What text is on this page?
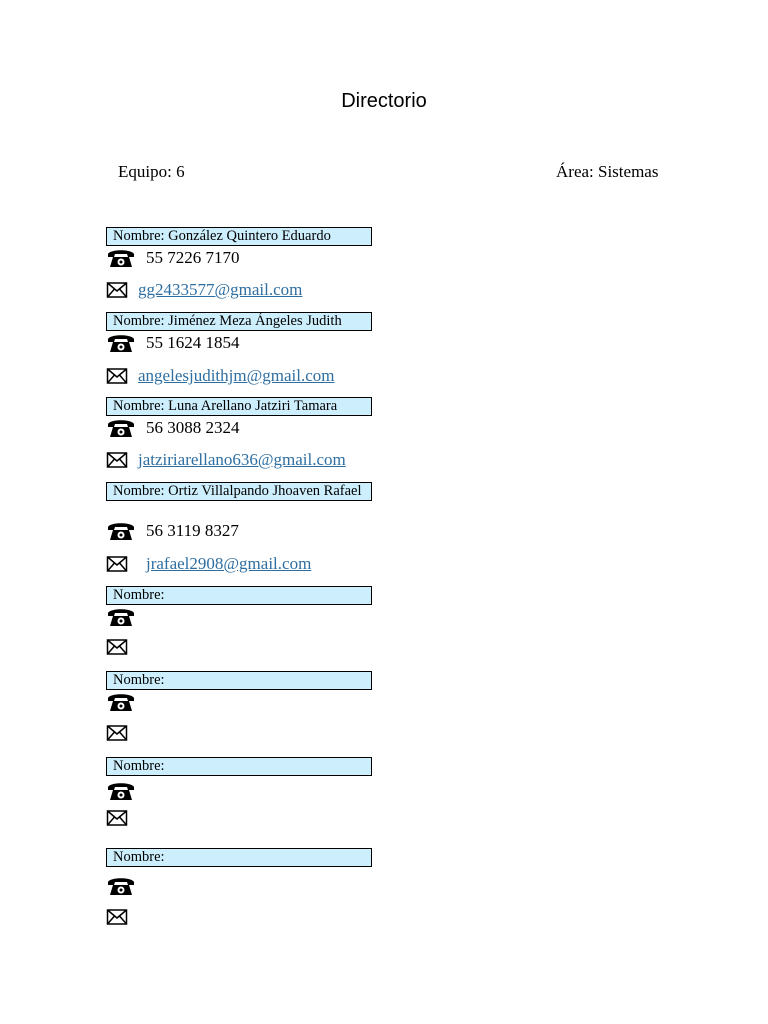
Directorio
Equipo: 6	Área: Sistemas
Nombre: González Quintero Eduardo
55 7226 7170
gg2433577@gmail.com
Nombre: Jiménez Meza Ángeles Judith
55 1624 1854
angelesjudithjm@gmail.com
Nombre: Luna Arellano Jatziri Tamara
56 3088 2324
jatziriarellano636@gmail.com
Nombre: Ortiz Villalpando Jhoaven Rafael
56 3119 8327
jrafael2908@gmail.com
Nombre:
Nombre:
Nombre:
Nombre:
